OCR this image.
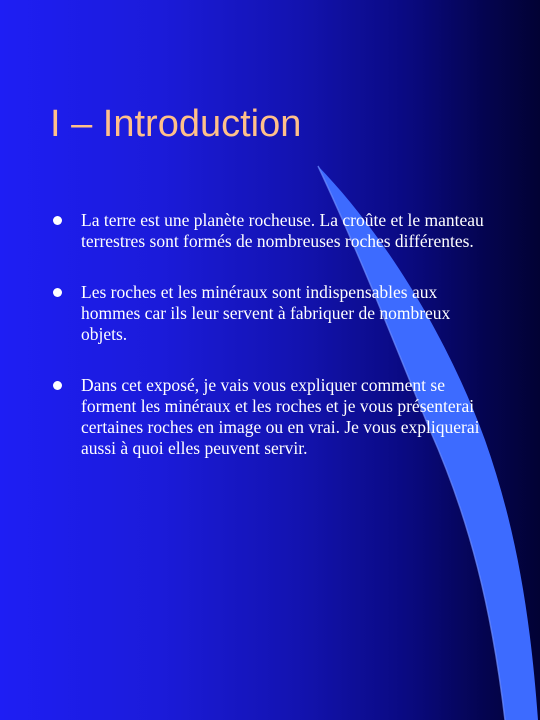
I – Introduction
La terre est une planète rocheuse. La croûte et le manteau terrestres sont formés de nombreuses roches différentes.
Les roches et les minéraux sont indispensables aux hommes car ils leur servent à fabriquer de nombreux objets.
Dans cet exposé, je vais vous expliquer comment se forment les minéraux et les roches et je vous présenterai certaines roches en image ou en vrai. Je vous expliquerai aussi à quoi elles peuvent servir.
